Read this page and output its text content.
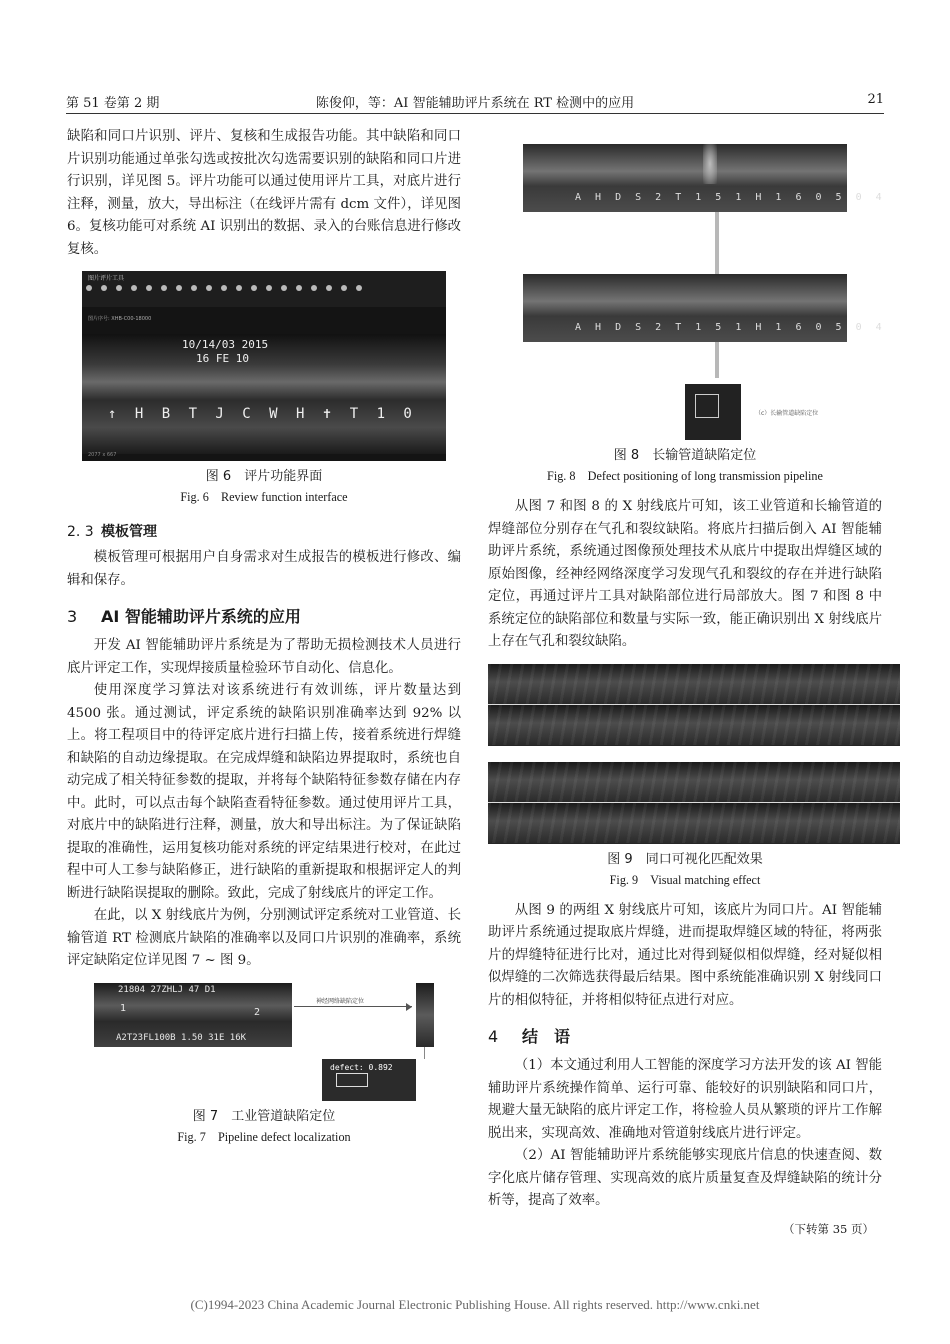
第 51 卷第 2 期	陈俊仰，等：AI 智能辅助评片系统在 RT 检测中的应用	21

缺陷和同口片识别、评片、复核和生成报告功能。其中缺陷和同口片识别功能通过单张勾选或按批次勾选需要识别的缺陷和同口片进行识别，详见图 5。评片功能可以通过使用评片工具，对底片进行注释，测量，放大，导出标注（在线评片需有 dcm 文件），详见图 6。复核功能可对系统 AI 识别出的数据、录入的台账信息进行修改复核。

图片评片工具
图片序号: XHB-C00-18000
10/14/03 2015
16 FE 10
↑ H B T J C W H ✝ T 1 0
2077 x 667
图 6　评片功能界面
Fig. 6　Review function interface
2. 3 模板管理

模板管理可根据用户自身需求对生成报告的模板进行修改、编辑和保存。

3 AI 智能辅助评片系统的应用

开发 AI 智能辅助评片系统是为了帮助无损检测技术人员进行底片评定工作，实现焊接质量检验环节自动化、信息化。

使用深度学习算法对该系统进行有效训练，评片数量达到 4500 张。通过测试，评定系统的缺陷识别准确率达到 92% 以上。将工程项目中的待评定底片进行扫描上传，接着系统进行焊缝和缺陷的自动边缘提取。在完成焊缝和缺陷边界提取时，系统也自动完成了相关特征参数的提取，并将每个缺陷特征参数存储在内存中。此时，可以点击每个缺陷查看特征参数。通过使用评片工具，对底片中的缺陷进行注释，测量，放大和导出标注。为了保证缺陷提取的准确性，运用复核功能对系统的评定结果进行校对，在此过程中可人工参与缺陷修正，进行缺陷的重新提取和根据评定人的判断进行缺陷误提取的删除。致此，完成了射线底片的评定工作。

在此，以 X 射线底片为例，分别测试评定系统对工业管道、长输管道 RT 检测底片缺陷的准确率以及同口片识别的准确率，系统评定缺陷定位详见图 7 ~ 图 9。

21804 27ZHLJ 47 D1
1	2
A2T23FL100B 1.50 31E 16K
神经网络缺陷定位
defect: 0.892
图 7　工业管道缺陷定位
Fig. 7　Pipeline defect localization
A H D S 2 T 1 5 1 H 1 6 0 5 0 4
A H D S 2 T 1 5 1 H 1 6 0 5 0 4
（c）长输管道缺陷定位
图 8　长输管道缺陷定位
Fig. 8　Defect positioning of long transmission pipeline

从图 7 和图 8 的 X 射线底片可知，该工业管道和长输管道的焊缝部位分别存在气孔和裂纹缺陷。将底片扫描后倒入 AI 智能辅助评片系统，系统通过图像预处理技术从底片中提取出焊缝区域的原始图像，经神经网络深度学习发现气孔和裂纹的存在并进行缺陷定位，再通过评片工具对缺陷部位进行局部放大。图 7 和图 8 中系统定位的缺陷部位和数量与实际一致，能正确识别出 X 射线底片上存在气孔和裂纹缺陷。

图 9　同口可视化匹配效果
Fig. 9　Visual matching effect

从图 9 的两组 X 射线底片可知，该底片为同口片。AI 智能辅助评片系统通过提取底片焊缝，进而提取焊缝区域的特征，将两张片的焊缝特征进行比对，通过比对得到疑似相似焊缝，经对疑似相似焊缝的二次筛选获得最后结果。图中系统能准确识别 X 射线同口片的相似特征，并将相似特征点进行对应。

4 结　语

（1）本文通过利用人工智能的深度学习方法开发的该 AI 智能辅助评片系统操作简单、运行可靠、能较好的识别缺陷和同口片，规避大量无缺陷的底片评定工作，将检验人员从繁琐的评片工作解脱出来，实现高效、准确地对管道射线底片进行评定。

（2）AI 智能辅助评片系统能够实现底片信息的快速查阅、数字化底片储存管理、实现高效的底片质量复查及焊缝缺陷的统计分析等，提高了效率。

（下转第 35 页）
(C)1994-2023 China Academic Journal Electronic Publishing House. All rights reserved. http://www.cnki.net
